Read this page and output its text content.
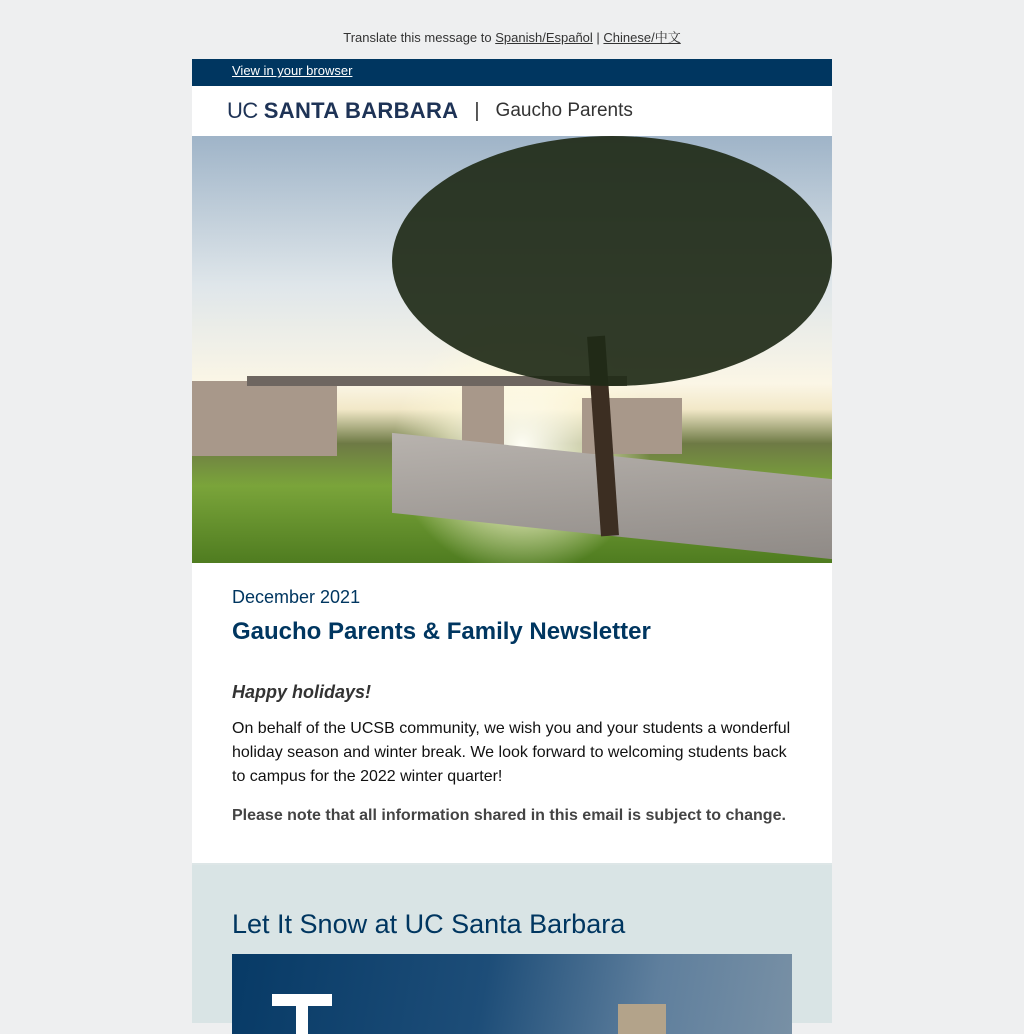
Translate this message to Spanish/Español | Chinese/中文
View in your browser
UC SANTA BARBARA | Gaucho Parents
December 2021
Gaucho Parents & Family Newsletter
Happy holidays!
On behalf of the UCSB community, we wish you and your students a wonderful holiday season and winter break. We look forward to welcoming students back to campus for the 2022 winter quarter!
Please note that all information shared in this email is subject to change.
Let It Snow at UC Santa Barbara
